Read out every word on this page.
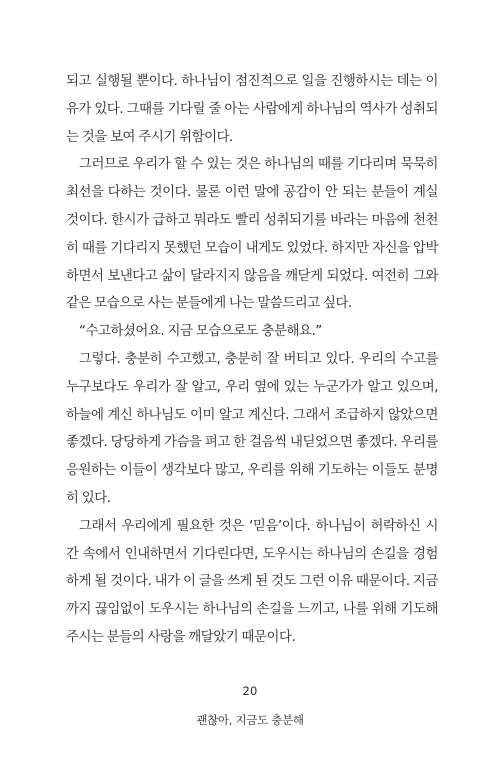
되고 실행될 뿐이다. 하나님이 점진적으로 일을 진행하시는 데는 이유가 있다. 그때를 기다릴 줄 아는 사람에게 하나님의 역사가 성취되는 것을 보여 주시기 위함이다.

그러므로 우리가 할 수 있는 것은 하나님의 때를 기다리며 묵묵히 최선을 다하는 것이다. 물론 이런 말에 공감이 안 되는 분들이 계실 것이다. 한시가 급하고 뭐라도 빨리 성취되기를 바라는 마음에 천천히 때를 기다리지 못했던 모습이 내게도 있었다. 하지만 자신을 압박하면서 보낸다고 삶이 달라지지 않음을 깨닫게 되었다. 여전히 그와 같은 모습으로 사는 분들에게 나는 말씀드리고 싶다.

“수고하셨어요. 지금 모습으로도 충분해요.”

그렇다. 충분히 수고했고, 충분히 잘 버티고 있다. 우리의 수고를 누구보다도 우리가 잘 알고, 우리 옆에 있는 누군가가 알고 있으며, 하늘에 계신 하나님도 이미 알고 계신다. 그래서 조급하지 않았으면 좋겠다. 당당하게 가슴을 펴고 한 걸음씩 내딛었으면 좋겠다. 우리를 응원하는 이들이 생각보다 많고, 우리를 위해 기도하는 이들도 분명히 있다.

그래서 우리에게 필요한 것은 ‘믿음’이다. 하나님이 허락하신 시간 속에서 인내하면서 기다린다면, 도우시는 하나님의 손길을 경험하게 될 것이다. 내가 이 글을 쓰게 된 것도 그런 이유 때문이다. 지금까지 끊임없이 도우시는 하나님의 손길을 느끼고, 나를 위해 기도해 주시는 분들의 사랑을 깨달았기 때문이다.

20
괜찮아, 지금도 충분해
